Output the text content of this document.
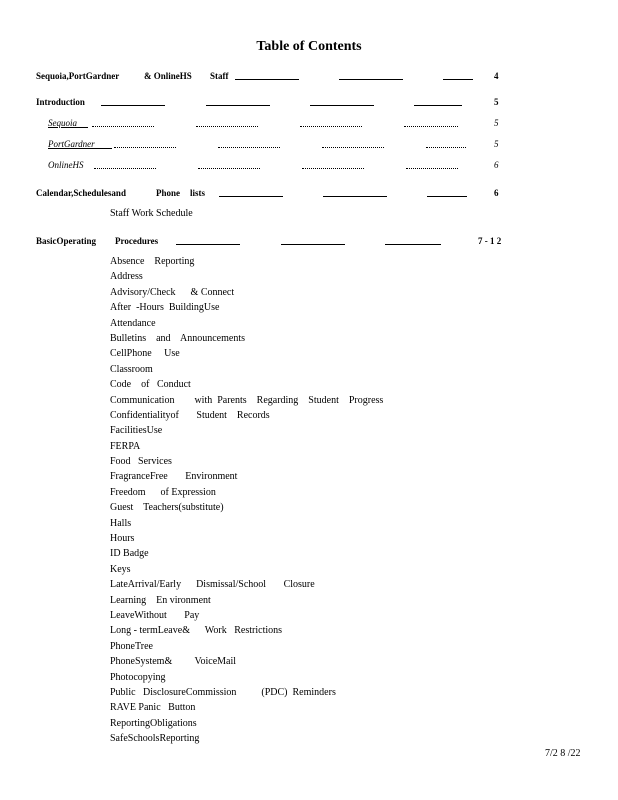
Table of Contents
Sequoia,PortGardner	& OnlineHS Staff	4
Introduction	5
Sequoia	5
PortGardner	5
OnlineHS	6
Calendar,Schedulesand	Phone lists	6
Staff Work Schedule
BasicOperating Procedures	7 - 1 2
Absence    Reporting
Address
Advisory/Check      & Connect
After  -Hours  BuildingUse
Attendance
Bulletins    and    Announcements
CellPhone     Use
Classroom
Code    of   Conduct
Communication        with  Parents    Regarding    Student    Progress
Confidentialityof       Student    Records
FacilitiesUse
FERPA
Food   Services
FragranceFree       Environment
Freedom      of Expression
Guest    Teachers(substitute)
Halls
Hours
ID Badge
Keys
LateArrival/Early      Dismissal/School       Closure
Learning    En vironment
LeaveWithout       Pay
Long - termLeave&      Work   Restrictions
PhoneTree
PhoneSystem&         VoiceMail
Photocopying
Public   DisclosureCommission          (PDC)  Reminders
RAVE Panic   Button
ReportingObligations
SafeSchoolsReporting
7/2 8 /22
